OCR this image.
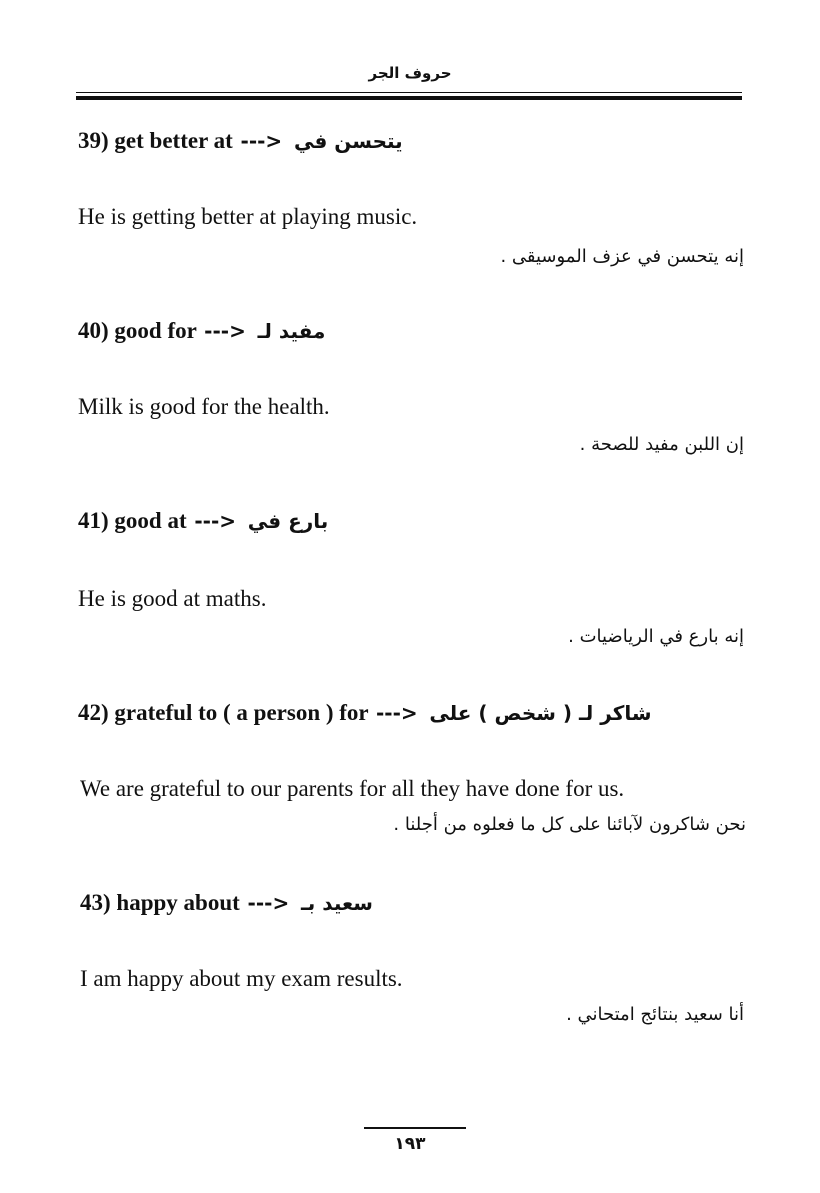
حروف الجر
39) get better at ---> يتحسن في
He is getting better at playing music.
إنه يتحسن في عزف الموسيقى .
40) good for ---> مفيد لـ
Milk is good for the health.
إن اللبن مفيد للصحة .
41) good at ---> بارع في
He is good at maths.
إنه بارع في الرياضيات .
42) grateful to ( a person ) for ---> شاكر لـ ( شخص ) على
We are grateful to our parents for all they have done for us.
نحن شاكرون لآبائنا على كل ما فعلوه من أجلنا .
43) happy about ---> سعيد بـ
I am happy about my exam results.
أنا سعيد بنتائج امتحاني .
١٩٣
